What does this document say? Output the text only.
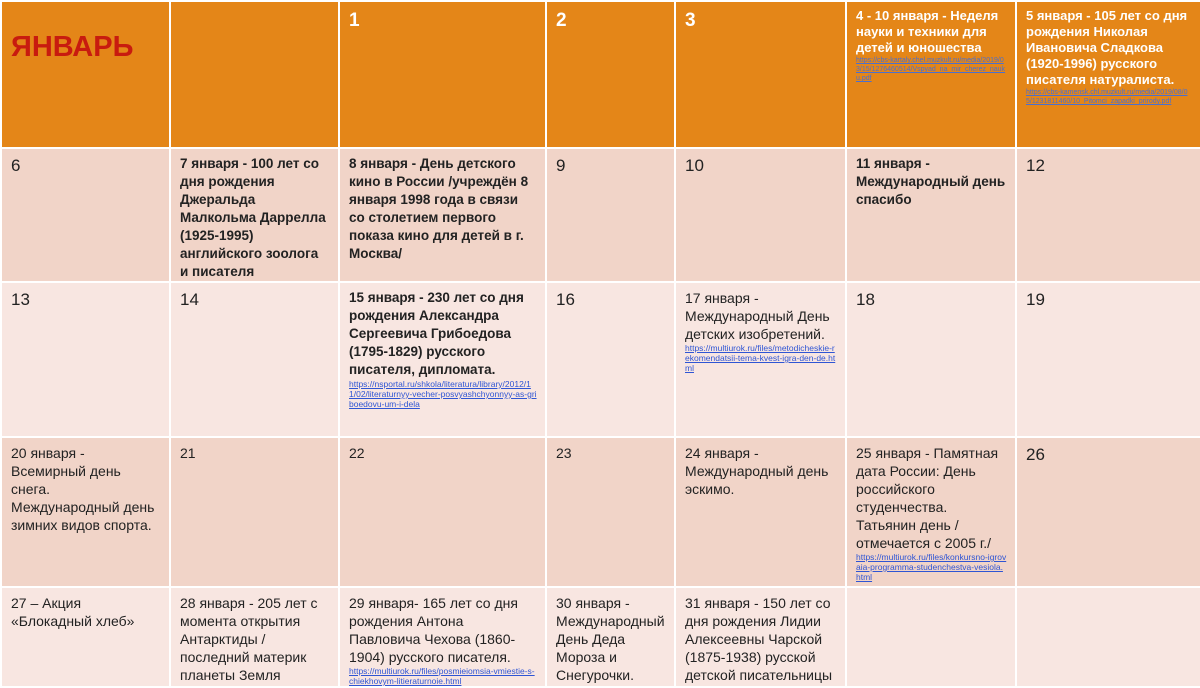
ЯНВАРЬ		1	2	3	4 - 10 января - Неделя науки и техники для детей и юношества
https://cbs-kartaly.chel.muzkult.ru/media/2019/03/15/1276460514/Vspyad_na_mir_cherez_nauku.pdf	5 января - 105 лет со дня рождения Николая Ивановича Сладкова (1920-1996) русского писателя натуралиста.
https://cbs-kamensk.chl.muzkult.ru/media/2019/08/05/1231811460/10_Pitomci_zapadki_prirody.pdf

6	7 января - 100 лет со дня рождения Джеральда Малкольма Даррелла (1925-1995) английского зоолога и писателя	8 января - День детского кино в России /учреждён 8 января 1998 года в связи со столетием первого показа кино для детей в г. Москва/	9	10	11 января - Международный день спасибо	12

13	14	15 января - 230 лет со дня рождения Александра Сергеевича Грибоедова (1795-1829) русского писателя, дипломата.
https://nsportal.ru/shkola/literatura/library/2012/11/02/literaturnyy-vecher-posvyashchyonnyy-as-griboedovu-um-i-dela	16	17 января - Международный День детских изобретений.
https://multiurok.ru/files/metodicheskie-rekomendatsii-tema-kvest-igra-den-de.html	18	19

20 января - Всемирный день снега. Международный день зимних видов спорта.	21	22	23	24 января - Международный день эскимо.	25 января - Памятная дата России: День российского студенчества. Татьянин день / отмечается с 2005 г./
https://multiurok.ru/files/konkursno-igrovaia-programma-studenchestva-vesiola.html	26

27 – Акция «Блокадный хлеб»	28 января - 205 лет с момента открытия Антарктиды /последний материк планеты Земля	29 января- 165 лет со дня рождения Антона Павловича Чехова (1860-1904) русского писателя.
https://multiurok.ru/files/posmieiomsia-vmiestie-s-chiekhovym-litieraturnoie.html	30 января - Международный День Деда Мороза и Снегурочки.	31 января - 150 лет со дня рождения Лидии Алексеевны Чарской (1875-1938) русской детской писательницы		
